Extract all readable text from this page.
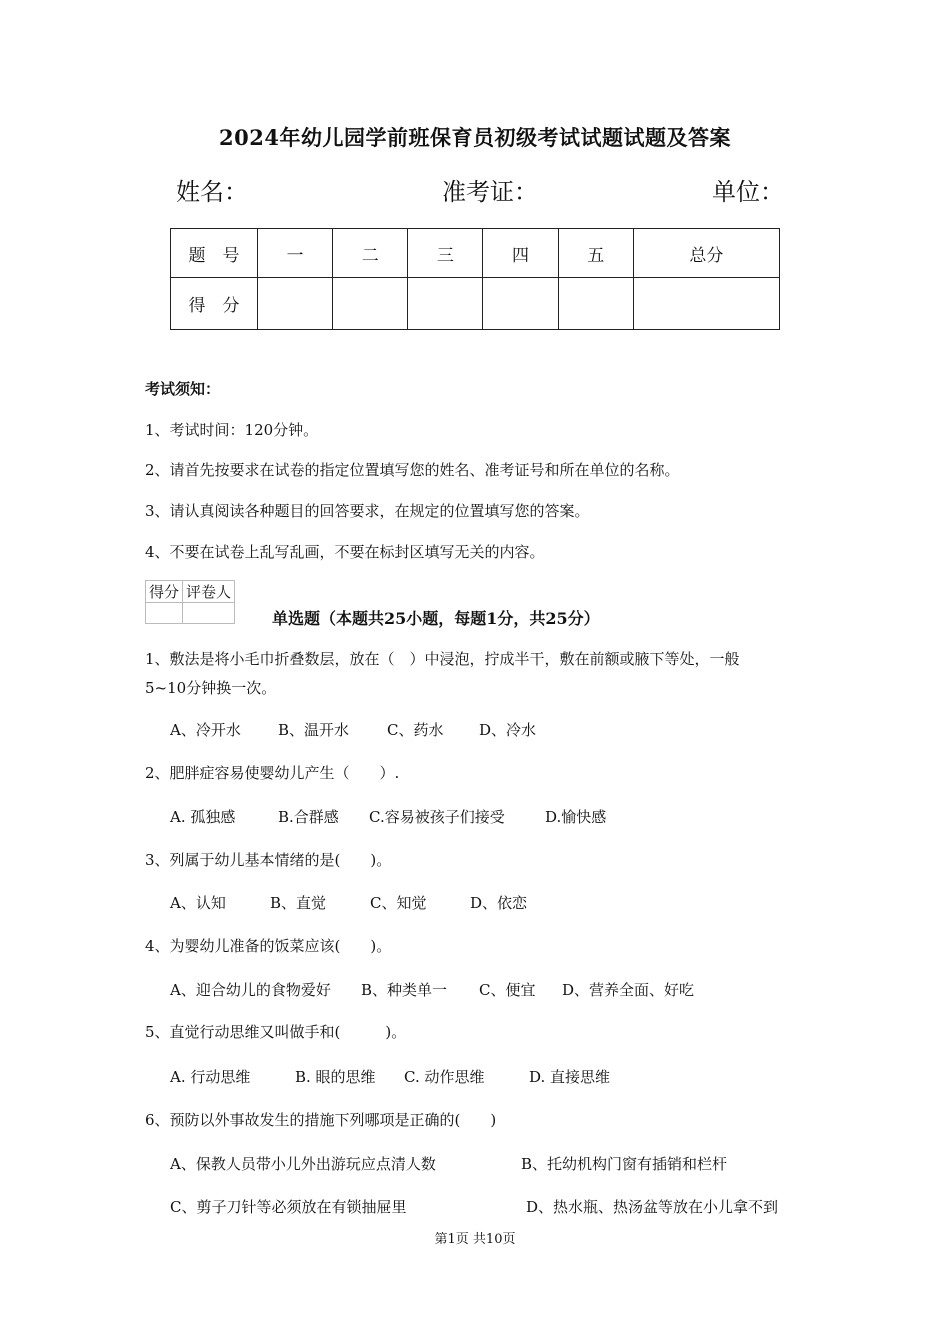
2024年幼儿园学前班保育员初级考试试题试题及答案
姓名：	准考证：	单位：
题　号	一	二	三	四	五	总分
得　分						
考试须知：
1、考试时间：120分钟。
2、请首先按要求在试卷的指定位置填写您的姓名、准考证号和所在单位的名称。
3、请认真阅读各种题目的回答要求，在规定的位置填写您的答案。
4、不要在试卷上乱写乱画，不要在标封区填写无关的内容。
得分	评卷人

单选题（本题共25小题，每题1分，共25分）
1、敷法是将小毛巾折叠数层，放在（　）中浸泡，拧成半干，敷在前额或腋下等处，一般
5~10分钟换一次。
A、冷开水 B、温开水	C、药水 D、冷水
2、肥胖症容易使婴幼儿产生（　　）.
A. 孤独感	B.合群感 C.容易被孩子们接受	D.愉快感
3、列属于幼儿基本情绪的是(　　)。
A、认知	B、直觉	C、知觉	D、依恋
4、为婴幼儿准备的饭菜应该(　　)。
A、迎合幼儿的食物爱好 B、种类单一 C、便宜 D、营养全面、好吃
5、直觉行动思维又叫做手和(　　　)。
A. 行动思维	B. 眼的思维 C. 动作思维	D. 直接思维
6、预防以外事故发生的措施下列哪项是正确的(　　)
A、保教人员带小儿外出游玩应点清人数	B、托幼机构门窗有插销和栏杆
C、剪子刀针等必须放在有锁抽屉里	D、热水瓶、热汤盆等放在小儿拿不到
第1页 共10页
